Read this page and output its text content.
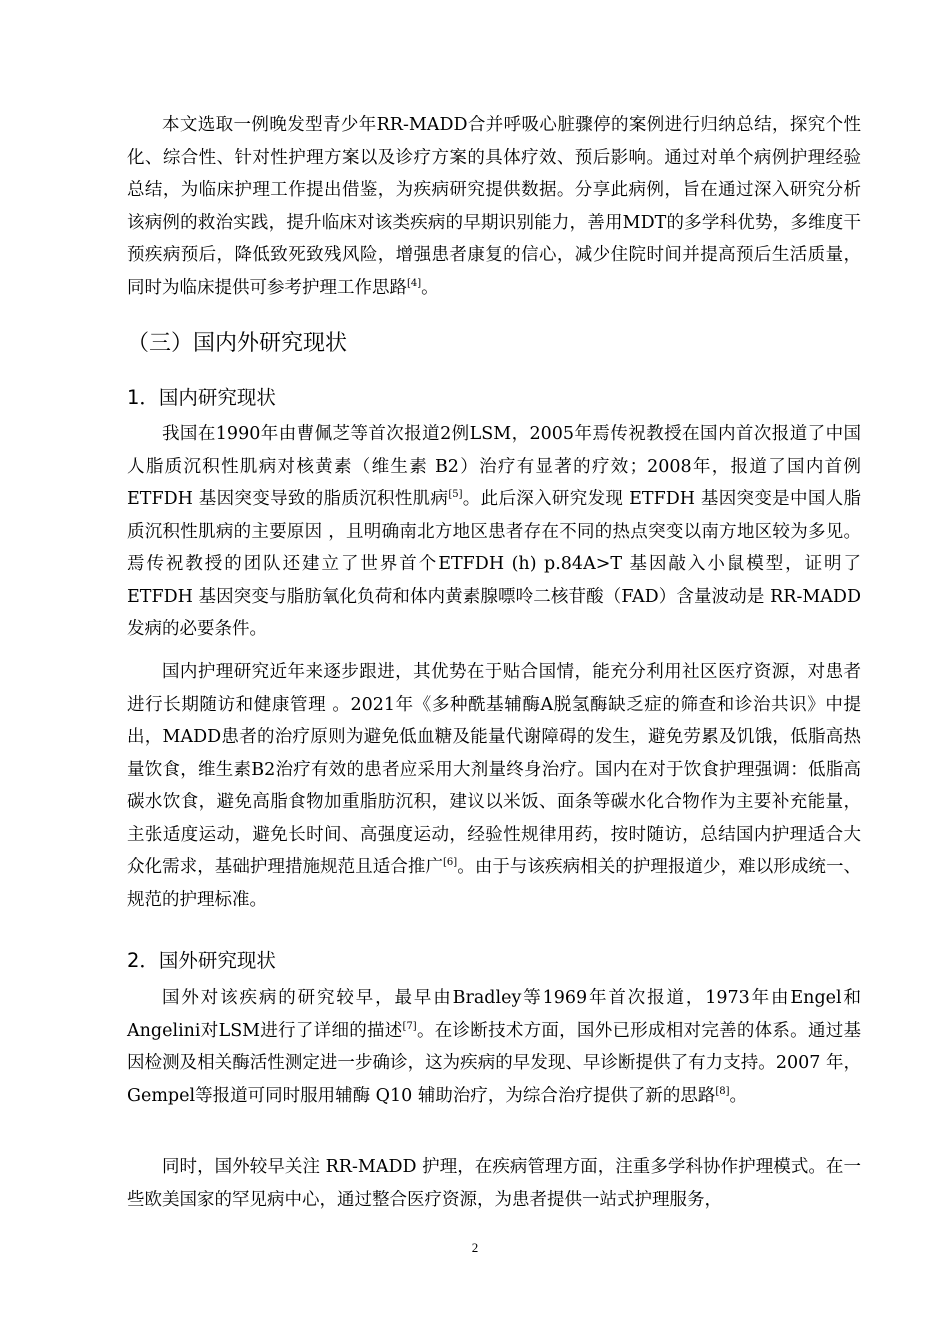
本文选取一例晚发型青少年RR-MADD合并呼吸心脏骤停的案例进行归纳总结，探究个性化、综合性、针对性护理方案以及诊疗方案的具体疗效、预后影响。通过对单个病例护理经验总结，为临床护理工作提出借鉴，为疾病研究提供数据。分享此病例，旨在通过深入研究分析该病例的救治实践，提升临床对该类疾病的早期识别能力，善用MDT的多学科优势，多维度干预疾病预后，降低致死致残风险，增强患者康复的信心，减少住院时间并提高预后生活质量，同时为临床提供可参考护理工作思路[4]。

（三）国内外研究现状
1．国内研究现状

我国在1990年由曹佩芝等首次报道2例LSM，2005年焉传祝教授在国内首次报道了中国人脂质沉积性肌病对核黄素（维生素 B2）治疗有显著的疗效；2008年，报道了国内首例 ETFDH 基因突变导致的脂质沉积性肌病[5]。此后深入研究发现 ETFDH 基因突变是中国人脂质沉积性肌病的主要原因 ，且明确南北方地区患者存在不同的热点突变以南方地区较为多见。焉传祝教授的团队还建立了世界首个ETFDH (h) p.84A>T 基因敲入小鼠模型，证明了 ETFDH 基因突变与脂肪氧化负荷和体内黄素腺嘌呤二核苷酸（FAD）含量波动是 RR-MADD 发病的必要条件。

国内护理研究近年来逐步跟进，其优势在于贴合国情，能充分利用社区医疗资源，对患者进行长期随访和健康管理 。2021年《多种酰基辅酶A脱氢酶缺乏症的筛查和诊治共识》中提出，MADD患者的治疗原则为避免低血糖及能量代谢障碍的发生，避免劳累及饥饿，低脂高热量饮食，维生素B2治疗有效的患者应采用大剂量终身治疗。国内在对于饮食护理强调：低脂高碳水饮食，避免高脂食物加重脂肪沉积，建议以米饭、面条等碳水化合物作为主要补充能量，主张适度运动，避免长时间、高强度运动，经验性规律用药，按时随访，总结国内护理适合大众化需求，基础护理措施规范且适合推广[6]。由于与该疾病相关的护理报道少，难以形成统一、规范的护理标准。

2．国外研究现状

国外对该疾病的研究较早，最早由Bradley等1969年首次报道，1973年由Engel和Angelini对LSM进行了详细的描述[7]。在诊断技术方面，国外已形成相对完善的体系。通过基因检测及相关酶活性测定进一步确诊，这为疾病的早发现、早诊断提供了有力支持。2007 年，Gempel等报道可同时服用辅酶 Q10 辅助治疗，为综合治疗提供了新的思路[8]。

同时，国外较早关注 RR-MADD 护理，在疾病管理方面，注重多学科协作护理模式。在一些欧美国家的罕见病中心，通过整合医疗资源，为患者提供一站式护理服务，

2
